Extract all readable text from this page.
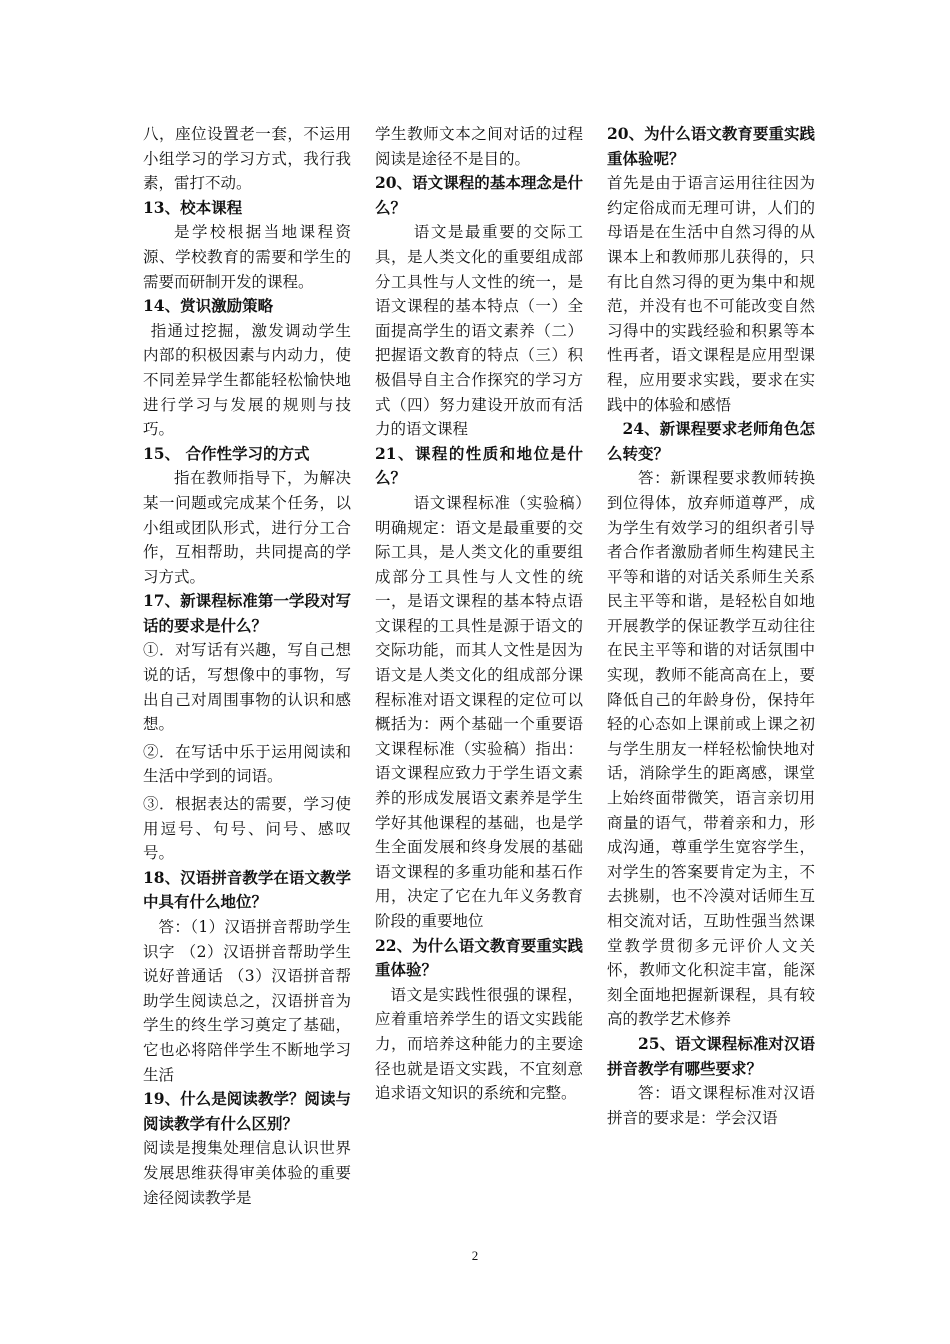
八，座位设置老一套，不运用小组学习的学习方式，我行我素，雷打不动。

13、校本课程

是学校根据当地课程资源、学校教育的需要和学生的需要而研制开发的课程。

14、赏识激励策略

指通过挖掘，激发调动学生内部的积极因素与内动力，使不同差异学生都能轻松愉快地进行学习与发展的规则与技巧。

15、 合作性学习的方式

指在教师指导下，为解决某一问题或完成某个任务，以小组或团队形式，进行分工合作，互相帮助，共同提高的学习方式。

17、新课程标准第一学段对写话的要求是什么？

①．对写话有兴趣，写自己想说的话，写想像中的事物，写出自己对周围事物的认识和感想。

②．在写话中乐于运用阅读和生活中学到的词语。

③．根据表达的需要，学习使用逗号、句号、问号、感叹号。

18、汉语拼音教学在语文教学中具有什么地位？

答：（1）汉语拼音帮助学生识字 （2）汉语拼音帮助学生说好普通话 （3）汉语拼音帮助学生阅读总之，汉语拼音为学生的终生学习奠定了基础，它也必将陪伴学生不断地学习生活

19、什么是阅读教学？阅读与阅读教学有什么区别？

阅读是搜集处理信息认识世界发展思维获得审美体验的重要途径阅读教学是

学生教师文本之间对话的过程阅读是途径不是目的。

20、语文课程的基本理念是什么？

语文是最重要的交际工具，是人类文化的重要组成部分工具性与人文性的统一，是语文课程的基本特点（一）全面提高学生的语文素养（二）把握语文教育的特点（三）积极倡导自主合作探究的学习方式（四）努力建设开放而有活力的语文课程

21、课程的性质和地位是什么？

语文课程标准（实验稿）明确规定：语文是最重要的交际工具，是人类文化的重要组成部分工具性与人文性的统一，是语文课程的基本特点语文课程的工具性是源于语文的交际功能，而其人文性是因为语文是人类文化的组成部分课程标准对语文课程的定位可以概括为：两个基础一个重要语文课程标准（实验稿）指出：语文课程应致力于学生语文素养的形成发展语文素养是学生学好其他课程的基础，也是学生全面发展和终身发展的基础语文课程的多重功能和基石作用，决定了它在九年义务教育阶段的重要地位

22、为什么语文教育要重实践重体验？

语文是实践性很强的课程，应着重培养学生的语文实践能力，而培养这种能力的主要途径也就是语文实践，不宜刻意追求语文知识的系统和完整。

20、为什么语文教育要重实践重体验呢？

首先是由于语言运用往往因为约定俗成而无理可讲，人们的母语是在生活中自然习得的从课本上和教师那儿获得的，只有比自然习得的更为集中和规范，并没有也不可能改变自然习得中的实践经验和积累等本性再者，语文课程是应用型课程，应用要求实践，要求在实践中的体验和感悟

24、新课程要求老师角色怎么转变？

答：新课程要求教师转换到位得体，放弃师道尊严，成为学生有效学习的组织者引导者合作者激励者师生构建民主平等和谐的对话关系师生关系民主平等和谐，是轻松自如地开展教学的保证教学互动往往在民主平等和谐的对话氛围中实现，教师不能高高在上，要降低自己的年龄身份，保持年轻的心态如上课前或上课之初与学生朋友一样轻松愉快地对话，消除学生的距离感，课堂上始终面带微笑，语言亲切用商量的语气，带着亲和力，形成沟通，尊重学生宽容学生，对学生的答案要肯定为主，不去挑剔，也不冷漠对话师生互相交流对话，互助性强当然课堂教学贯彻多元评价人文关怀，教师文化积淀丰富，能深刻全面地把握新课程，具有较高的教学艺术修养

25、语文课程标准对汉语拼音教学有哪些要求？

答：语文课程标准对汉语拼音的要求是：学会汉语

2
